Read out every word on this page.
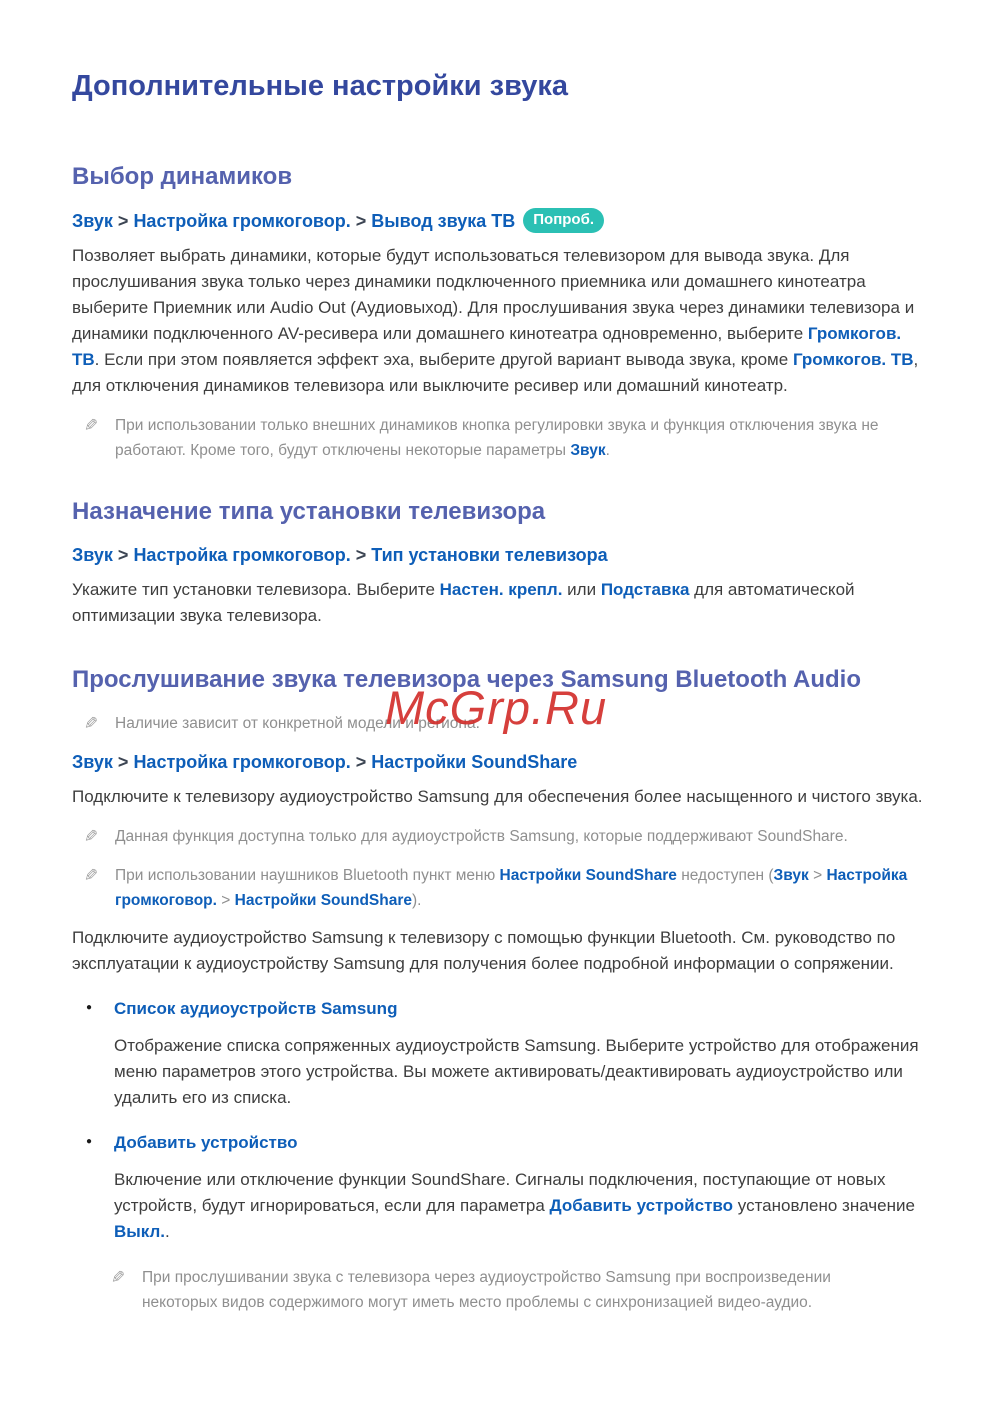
Дополнительные настройки звука
Выбор динамиков
Звук > Настройка громкоговор. > Вывод звука ТВ	Попроб.

Позволяет выбрать динамики, которые будут использоваться телевизором для вывода звука. Для прослушивания звука только через динамики подключенного приемника или домашнего кинотеатра выберите Приемник или Audio Out (Аудиовыход). Для прослушивания звука через динамики телевизора и динамики подключенного AV-ресивера или домашнего кинотеатра одновременно, выберите Громкогов. ТВ. Если при этом появляется эффект эха, выберите другой вариант вывода звука, кроме Громкогов. ТВ, для отключения динамиков телевизора или выключите ресивер или домашний кинотеатр.

✎ При использовании только внешних динамиков кнопка регулировки звука и функция отключения звука не работают. Кроме того, будут отключены некоторые параметры Звук.

Назначение типа установки телевизора
Звук > Настройка громкоговор. > Тип установки телевизора

Укажите тип установки телевизора. Выберите Настен. крепл. или Подставка для автоматической оптимизации звука телевизора.

Прослушивание звука телевизора через Samsung Bluetooth Audio
✎ Наличие зависит от конкретной модели и региона.

Звук > Настройка громкоговор. > Настройки SoundShare

Подключите к телевизору аудиоустройство Samsung для обеспечения более насыщенного и чистого звука.

✎ Данная функция доступна только для аудиоустройств Samsung, которые поддерживают SoundShare.

✎ При использовании наушников Bluetooth пункт меню Настройки SoundShare недоступен (Звук > Настройка громкоговор. > Настройки SoundShare).

Подключите аудиоустройство Samsung к телевизору с помощью функции Bluetooth. См. руководство по эксплуатации к аудиоустройству Samsung для получения более подробной информации о сопряжении.

● Список аудиоустройств Samsung

Отображение списка сопряженных аудиоустройств Samsung. Выберите устройство для отображения меню параметров этого устройства. Вы можете активировать/деактивировать аудиоустройство или удалить его из списка.

● Добавить устройство

Включение или отключение функции SoundShare. Сигналы подключения, поступающие от новых устройств, будут игнорироваться, если для параметра Добавить устройство установлено значение Выкл..

✎ При прослушивании звука с телевизора через аудиоустройство Samsung при воспроизведении некоторых видов содержимого могут иметь место проблемы с синхронизацией видео-аудио.

McGrp.Ru
